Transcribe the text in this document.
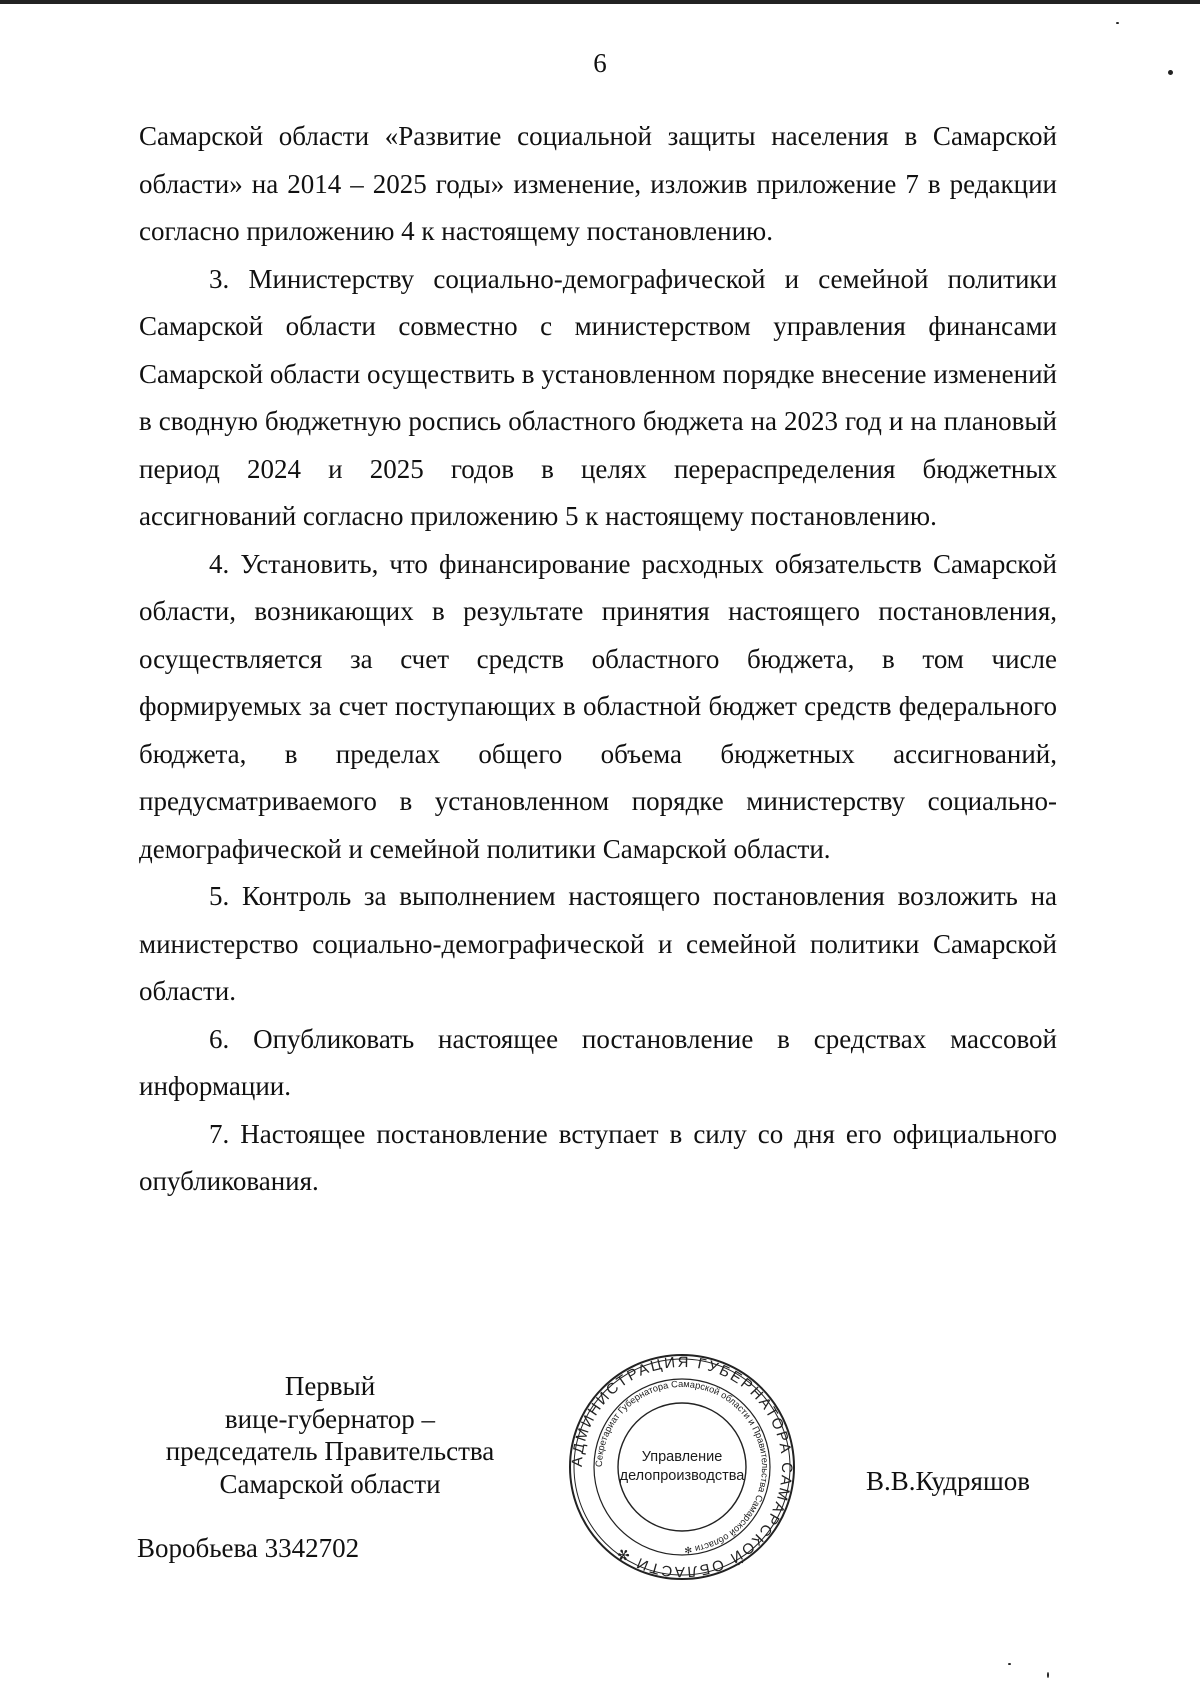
6

Самарской области «Развитие социальной защиты населения в Самарской области» на 2014 – 2025 годы» изменение, изложив приложение 7 в редакции согласно приложению 4 к настоящему постановлению.

3. Министерству социально-демографической и семейной политики Самарской области совместно с министерством управления финансами Самарской области осуществить в установленном порядке внесение изменений в сводную бюджетную роспись областного бюджета на 2023 год и на плановый период 2024 и 2025 годов в целях перераспределения бюджетных ассигнований согласно приложению 5 к настоящему постановлению.

4. Установить, что финансирование расходных обязательств Самарской области, возникающих в результате принятия настоящего постановления, осуществляется за счет средств областного бюджета, в том числе формируемых за счет поступающих в областной бюджет средств федерального бюджета, в пределах общего объема бюджетных ассигнований, предусматриваемого в установленном порядке министерству социально-демографической и семейной политики Самарской области.

5. Контроль за выполнением настоящего постановления возложить на министерство социально-демографической и семейной политики Самарской области.

6. Опубликовать настоящее постановление в средствах массовой информации.

7. Настоящее постановление вступает в силу со дня его официального опубликования.

Первый
вице-губернатор –
председатель Правительства
Самарской области
АДМИНИСТРАЦИЯ ГУБЕРНАТОРА САМАРСКОЙ ОБЛАСТИ ✻
Секретариат Губернатора Самарской области и Правительства Самарской области ✻
Управление
делопроизводства	В.В.Кудряшов
Воробьева 3342702
